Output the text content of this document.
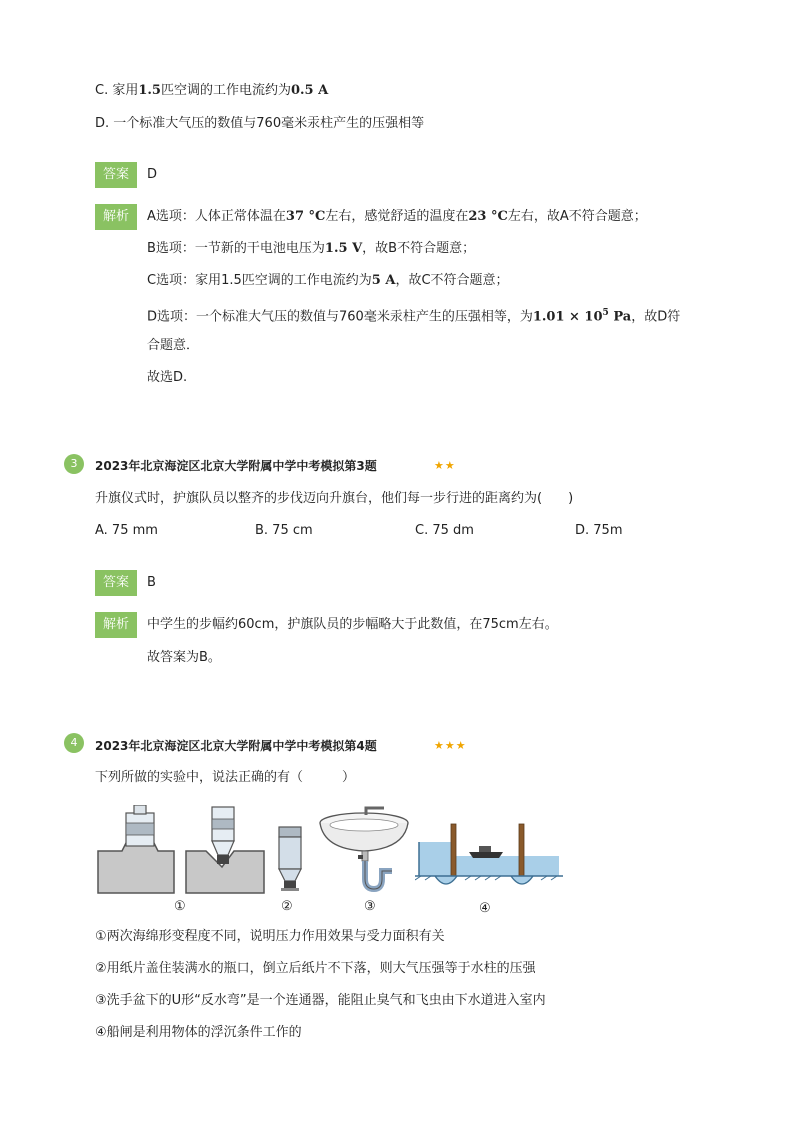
C. 家用1.5匹空调的工作电流约为0.5 A
D. 一个标准大气压的数值与760毫米汞柱产生的压强相等
答案	D
解析	A选项：人体正常体温在37 °C左右，感觉舒适的温度在23 °C左右，故A不符合题意；
B选项：一节新的干电池电压为1.5 V，故B不符合题意；
C选项：家用1.5匹空调的工作电流约为5 A，故C不符合题意；
D选项：一个标准大气压的数值与760毫米汞柱产生的压强相等，为$1.01 \times 10^5$ Pa，故D符
合题意．
故选D.
3	2023年北京海淀区北京大学附属中学中考模拟第3题	★★
升旗仪式时，护旗队员以整齐的步伐迈向升旗台，他们每一步行进的距离约为(　　)
A. 75 mm	B. 75 cm	C. 75 dm	D. 75m
答案	B
解析	中学生的步幅约60cm，护旗队员的步幅略大于此数值，在75cm左右。
故答案为B。
4	2023年北京海淀区北京大学附属中学中考模拟第4题	★★★
下列所做的实验中，说法正确的有（　　　）
①	②	③	④
①两次海绵形变程度不同，说明压力作用效果与受力面积有关
②用纸片盖住装满水的瓶口，倒立后纸片不下落，则大气压强等于水柱的压强
③洗手盆下的U形“反水弯”是一个连通器，能阻止臭气和飞虫由下水道进入室内
④船闸是利用物体的浮沉条件工作的
